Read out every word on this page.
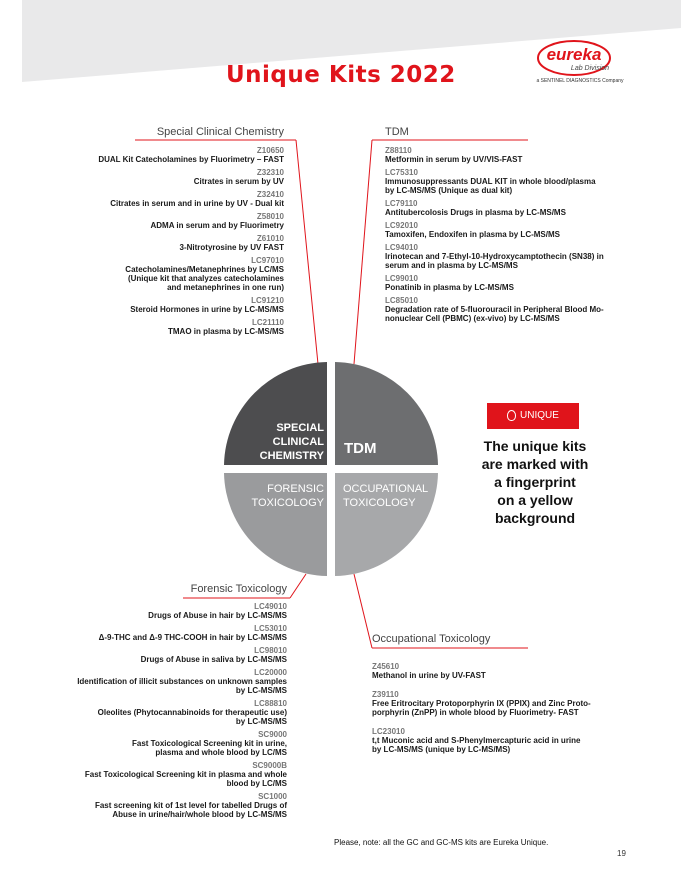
Unique Kits 2022
eureka
Lab Division
a SENTINEL DIAGNOSTICS Company
SPECIAL
CLINICAL
CHEMISTRY TDM
FORENSIC
TOXICOLOGY
OCCUPATIONAL
TOXICOLOGY
Special Clinical Chemistry
Z10650
DUAL Kit Catecholamines by Fluorimetry – FAST
Z32310
Citrates in serum by UV
Z32410
Citrates in serum and in urine by UV - Dual kit
Z58010
ADMA in serum and by Fluorimetry
Z61010
3-Nitrotyrosine by UV FAST
LC97010
Catecholamines/Metanephrines by LC/MS
(Unique kit that analyzes catecholamines
and metanephrines in one run)
LC91210
Steroid Hormones in urine by LC-MS/MS
LC21110
TMAO in plasma by LC-MS/MS
TDM
Z88110
Metformin in serum by UV/VIS-FAST
LC75310
Immunosuppressants DUAL KIT in whole blood/plasma
by LC-MS/MS (Unique as dual kit)
LC79110
Antitubercolosis Drugs in plasma by LC-MS/MS
LC92010
Tamoxifen, Endoxifen in plasma by LC-MS/MS
LC94010
Irinotecan and 7-Ethyl-10-Hydroxycamptothecin (SN38) in
serum and in plasma by LC-MS/MS
LC99010
Ponatinib in plasma by LC-MS/MS
LC85010
Degradation rate of 5-fluorouracil in Peripheral Blood Mo-
nonuclear Cell (PBMC) (ex-vivo) by LC-MS/MS
Forensic Toxicology
LC49010
Drugs of Abuse in hair by LC-MS/MS
LC53010
Δ-9-THC and Δ-9 THC-COOH in hair by LC-MS/MS
LC98010
Drugs of Abuse in saliva by LC-MS/MS
LC20000
Identification of illicit substances on unknown samples
by LC-MS/MS
LC88810
Oleolites (Phytocannabinoids for therapeutic use)
by LC-MS/MS
SC9000
Fast Toxicological Screening kit in urine,
plasma and whole blood by LC/MS
SC9000B
Fast Toxicological Screening kit in plasma and whole
blood by LC/MS
SC1000
Fast screening kit of 1st level for tabelled Drugs of
Abuse in urine/hair/whole blood by LC-MS/MS
Occupational Toxicology
Z45610
Methanol in urine by UV-FAST
Z39110
Free Eritrocitary Protoporphyrin IX (PPIX) and Zinc Proto-
porphyrin (ZnPP) in whole blood by Fluorimetry- FAST
LC23010
t,t Muconic acid and S-Phenylmercapturic acid in urine
by LC-MS/MS (unique by LC-MS/MS)
UNIQUE
The unique kits
are marked with
a fingerprint
on a yellow
background
Please, note: all the GC and GC-MS kits are Eureka Unique.
19
